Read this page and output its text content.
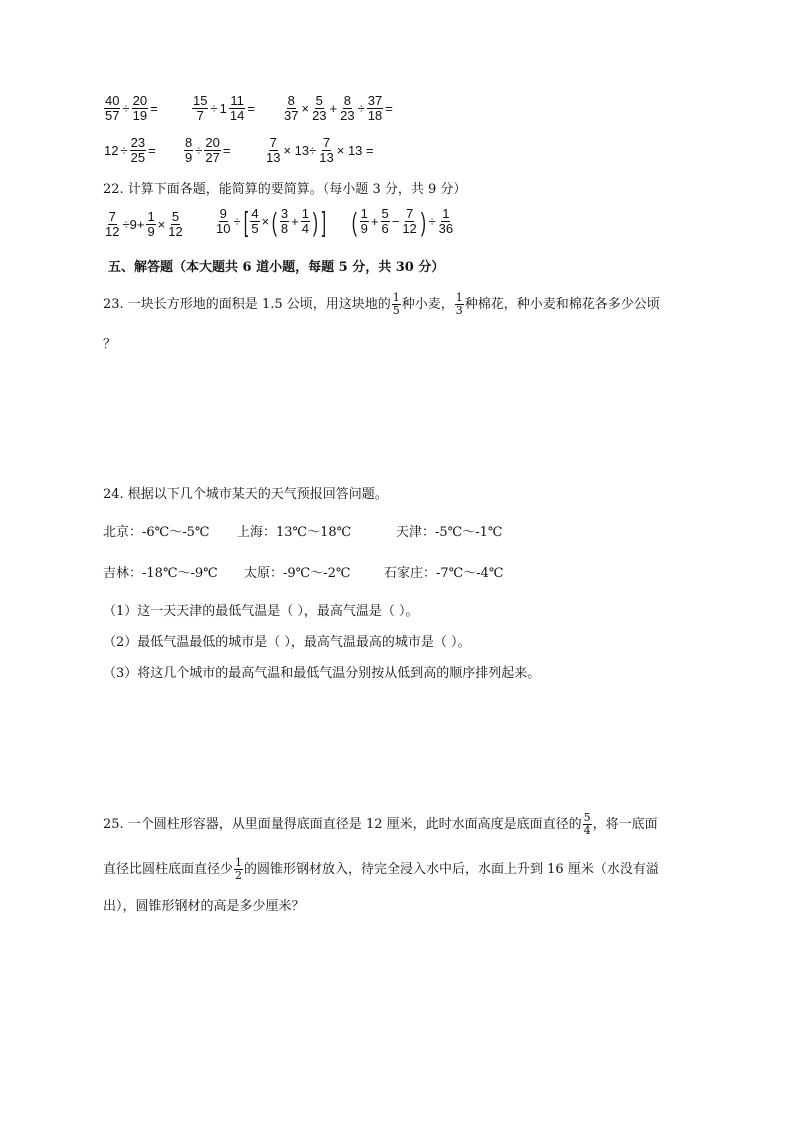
$\frac{40}{57} \div \frac{20}{19}$ =	$\frac{15}{7} \div 1 \frac{11}{14} = \frac{8}{37} \times \frac{5}{23} + \frac{8}{23} \div \frac{37}{18}$ =
$12 \div \frac{23}{25} = \frac{8}{9} \div \frac{20}{27}$ =	$\frac{7}{13} \times 13\div \frac{7}{13} \times 13$ =
22. 计算下面各题，能简算的要简算。（每小题 3 分，共 9 分）
$\frac{7}{12} \div 9+ \frac{1}{9} \times \frac{5}{12} \frac{9}{10}$ ÷ [ $\frac{4}{5}$ × ( $\frac{3}{8} + \frac{1}{4}$ ) ] ( $\frac{1}{9} + \frac{5}{6} - \frac{7}{12}$ ) ÷ $\frac{1}{36}$
五、解答题（本大题共 6 道小题，每题 5 分，共 30 分）
23. 一块长方形地的面积是 1.5 公顷，用这块地的 $\frac{1}{5}$ 种小麦， $\frac{1}{3}$ 种棉花，种小麦和棉花各多少公顷
？
24. 根据以下几个城市某天的天气预报回答问题。
北京：-6℃～-5℃ 上海：13℃～18℃	天津：-5℃～-1℃
吉林：-18℃～-9℃ 太原：-9℃～-2℃	石家庄：-7℃～-4℃
（1）这一天天津的最低气温是（ ），最高气温是（ ）。
（2）最低气温最低的城市是（ ），最高气温最高的城市是（ ）。
（3）将这几个城市的最高气温和最低气温分别按从低到高的顺序排列起来。
25. 一个圆柱形容器，从里面量得底面直径是 12 厘米，此时水面高度是底面直径的 $\frac{5}{4}$ ，将一底面
直径比圆柱底面直径少 $\frac{1}{2}$ 的圆锥形钢材放入，待完全浸入水中后，水面上升到 16 厘米（水没有溢
出），圆锥形钢材的高是多少厘米？
